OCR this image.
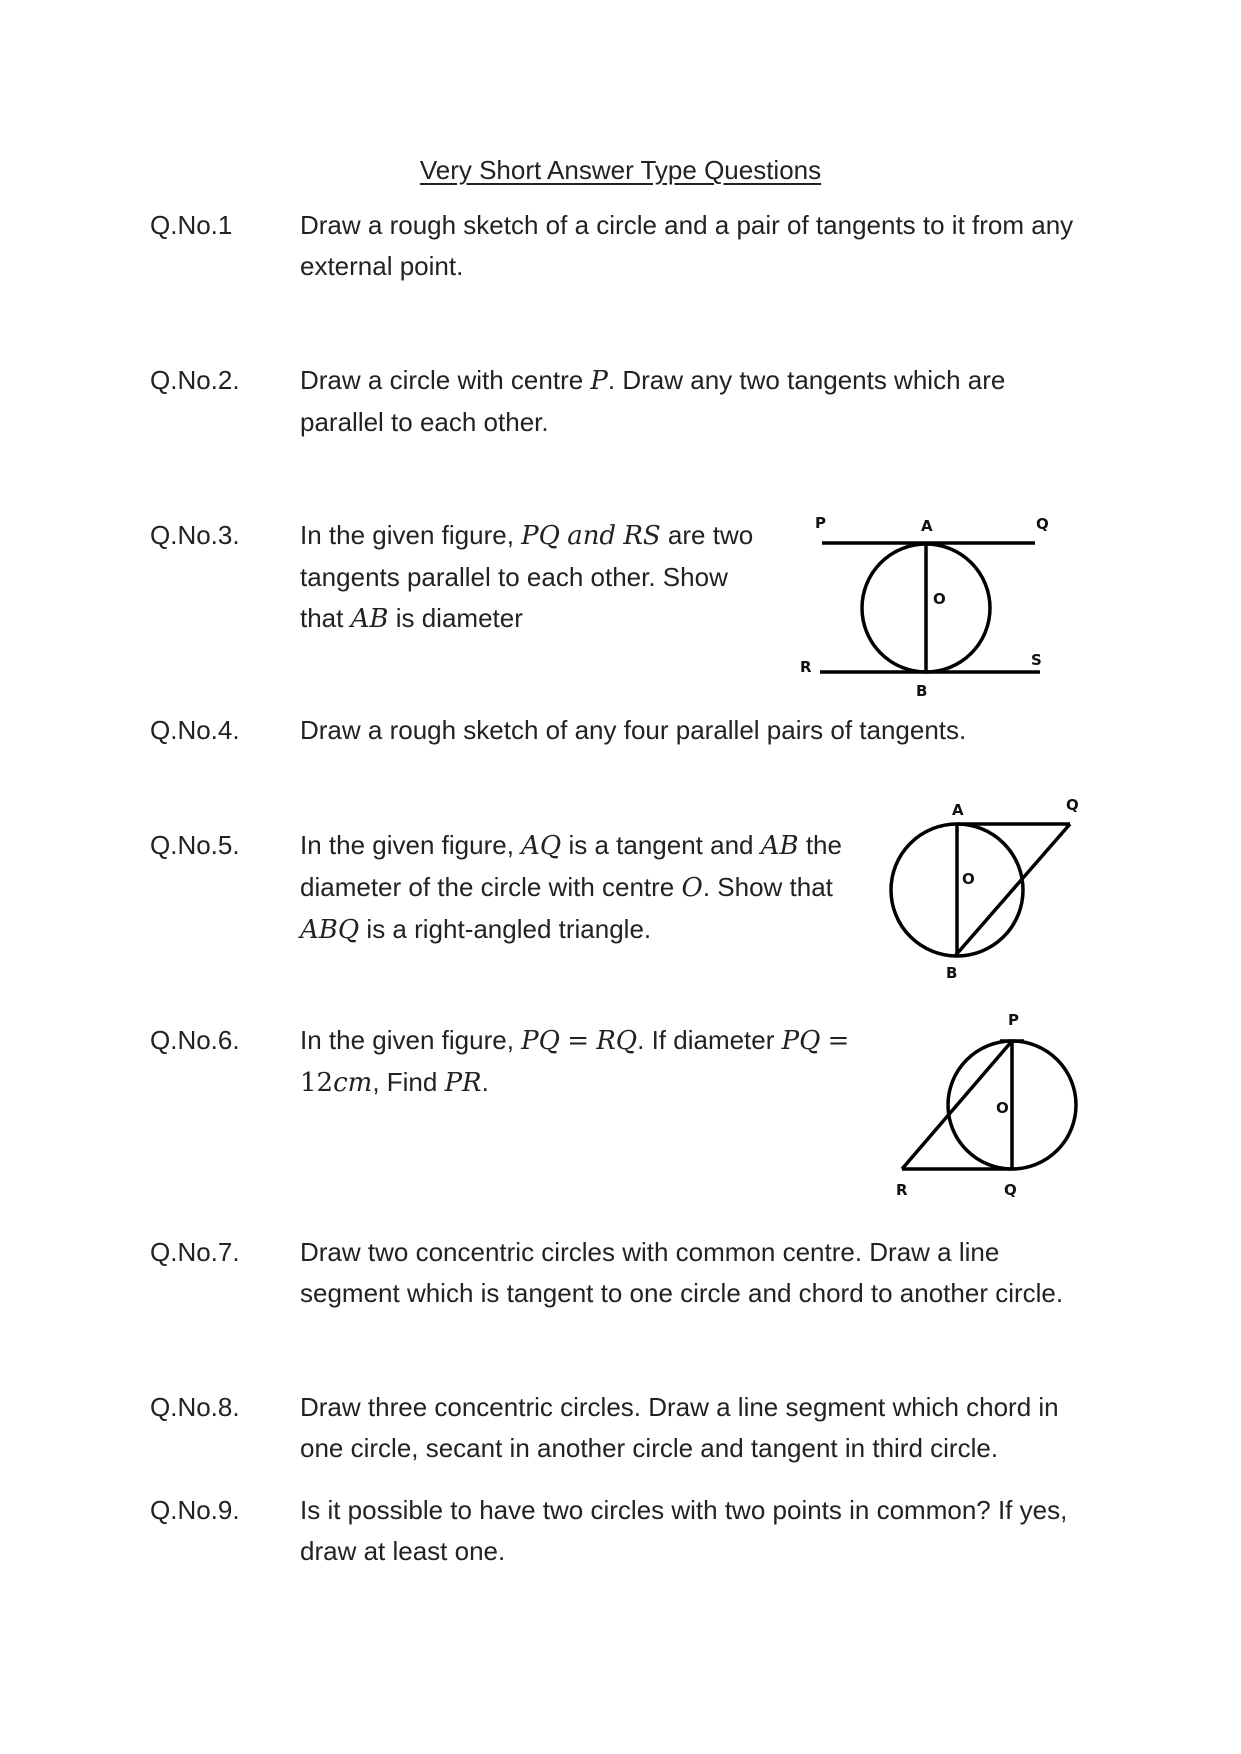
Very Short Answer Type Questions
Q.No.1	Draw a rough sketch of a circle and a pair of tangents to it from any
external point.
Q.No.2. Draw a circle with centre P. Draw any two tangents which are
parallel to each other.
Q.No.3. In the given figure, PQ and RS are two
tangents parallel to each other. Show
that AB is diameter
P	A	Q
O
R	S
B
Q.No.4. Draw a rough sketch of any four parallel pairs of tangents.
Q.No.5. In the given figure, AQ is a tangent and AB the
diameter of the circle with centre O. Show that
ABQ is a right-angled triangle.
A	Q
O
B
Q.No.6. In the given figure, PQ = RQ. If diameter PQ =
12cm, Find PR.
P
O
R	Q
Q.No.7. Draw two concentric circles with common centre. Draw a line
segment which is tangent to one circle and chord to another circle.
Q.No.8. Draw three concentric circles. Draw a line segment which chord in
one circle, secant in another circle and tangent in third circle.
Q.No.9. Is it possible to have two circles with two points in common? If yes,
draw at least one.
